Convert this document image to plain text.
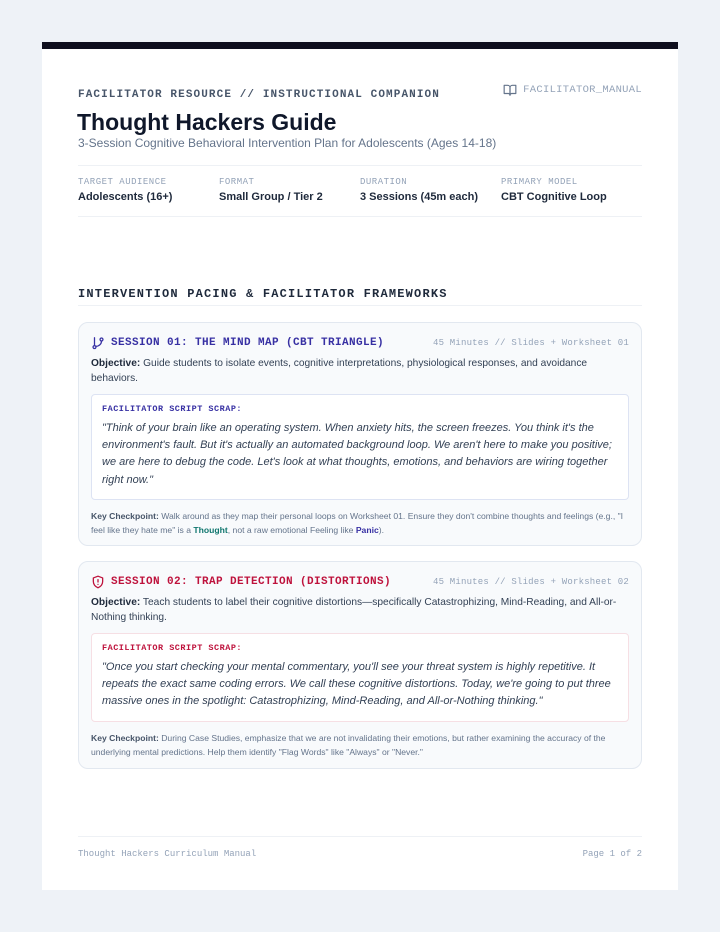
FACILITATOR RESOURCE // INSTRUCTIONAL COMPANION	FACILITATOR_MANUAL
Thought Hackers Guide
3-Session Cognitive Behavioral Intervention Plan for Adolescents (Ages 14-18)
TARGET AUDIENCE
Adolescents (16+)
FORMAT
Small Group / Tier 2
DURATION
3 Sessions (45m each)
PRIMARY MODEL
CBT Cognitive Loop
INTERVENTION PACING & FACILITATOR FRAMEWORKS
SESSION 01: THE MIND MAP (CBT TRIANGLE)	45 Minutes // Slides + Worksheet 01

Objective: Guide students to isolate events, cognitive interpretations, physiological responses, and avoidance behaviors.

FACILITATOR SCRIPT SCRAP:

"Think of your brain like an operating system. When anxiety hits, the screen freezes. You think it's the environment's fault. But it's actually an automated background loop. We aren't here to make you positive; we are here to debug the code. Let's look at what thoughts, emotions, and behaviors are wiring together right now."

Key Checkpoint: Walk around as they map their personal loops on Worksheet 01. Ensure they don't combine thoughts and feelings (e.g., "I feel like they hate me" is a Thought, not a raw emotional Feeling like Panic).

SESSION 02: TRAP DETECTION (DISTORTIONS)	45 Minutes // Slides + Worksheet 02

Objective: Teach students to label their cognitive distortions—specifically Catastrophizing, Mind-Reading, and All-or-Nothing thinking.

FACILITATOR SCRIPT SCRAP:

"Once you start checking your mental commentary, you'll see your threat system is highly repetitive. It repeats the exact same coding errors. We call these cognitive distortions. Today, we're going to put three massive ones in the spotlight: Catastrophizing, Mind-Reading, and All-or-Nothing thinking."

Key Checkpoint: During Case Studies, emphasize that we are not invalidating their emotions, but rather examining the accuracy of the underlying mental predictions. Help them identify "Flag Words" like "Always" or "Never."

Thought Hackers Curriculum Manual	Page 1 of 2
